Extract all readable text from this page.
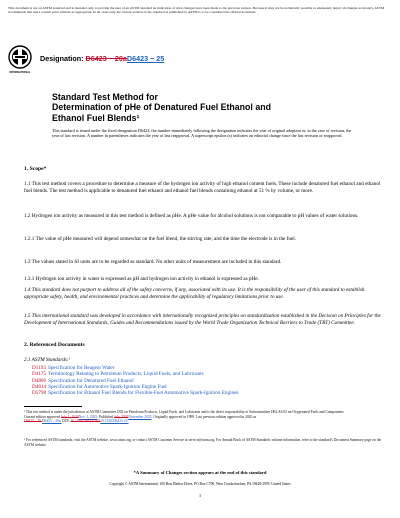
This document is not an ASTM standard and is intended only to provide the user of an ASTM standard an indication of what changes have been made to the previous version. Because it may not be technically possible to adequately depict all changes accurately, ASTM recommends that users consult prior editions as appropriate. In all cases only the current version of the standard as published by ASTM is to be considered the official document.
INTERNATIONAL
Designation: D6423 − 20aD6423 − 25
Standard Test Method for
Determination of pHe of Denatured Fuel Ethanol and
Ethanol Fuel Blends¹
This standard is issued under the fixed designation D6423; the number immediately following the designation indicates the year of original adoption or, in the case of revision, the year of last revision. A number in parentheses indicates the year of last reapproval. A superscript epsilon (ε) indicates an editorial change since the last revision or reapproval.
1. Scope*
1.1 This test method covers a procedure to determine a measure of the hydrogen ion activity of high ethanol content fuels. These include denatured fuel ethanol and ethanol fuel blends. The test method is applicable to denatured fuel ethanol and ethanol fuel blends containing ethanol at 51 % by volume, or more.
1.2 Hydrogen ion activity as measured in this test method is defined as pHe. A pHe value for alcohol solutions is not comparable to pH values of water solutions.
1.2.1 The value of pHe measured will depend somewhat on the fuel blend, the stirring rate, and the time the electrode is in the fuel.
1.3 The values stated in SI units are to be regarded as standard. No other units of measurement are included in this standard.
1.3.1 Hydrogen ion activity in water is expressed as pH and hydrogen ion activity in ethanol is expressed as pHe.
1.4 This standard does not purport to address all of the safety concerns, if any, associated with its use. It is the responsibility of the user of this standard to establish appropriate safety, health, and environmental practices and determine the applicability of regulatory limitations prior to use.
1.5 This international standard was developed in accordance with internationally recognized principles on standardization established in the Decision on Principles for the Development of International Standards, Guides and Recommendations issued by the World Trade Organization Technical Barriers to Trade (TBT) Committee.
2. Referenced Documents
2.1 ASTM Standards:²
D1193 Specification for Reagent Water
D4175 Terminology Relating to Petroleum Products, Liquid Fuels, and Lubricants
D4806 Specification for Denatured Fuel Ethanol
D4814 Specification for Automotive Spark-Ignition Engine Fuel
D5798 Specification for Ethanol Fuel Blends for Flexible-Fuel Automotive Spark-Ignition Engines
¹ This test method is under the jurisdiction of ASTM Committee D02 on Petroleum Products, Liquid Fuels, and Lubricants and is the direct responsibility of Subcommittee D02.A0.02 on Oxygenated Fuels and Components.
Current edition approved July 1, 2020Nov. 1, 2025. Published July 2020November 2025. Originally approved in 1999. Last previous edition approved in 2020 as
D6423 – 20.D6423 – 20a. DOI: 10.1520/D6423-20A10.1520/D6423-25.
² For referenced ASTM standards, visit the ASTM website, www.astm.org, or contact ASTM Customer Service at service@astm.org. For Annual Book of ASTM Standards volume information, refer to the standard's Document Summary page on the ASTM website.
*A Summary of Changes section appears at the end of this standard
Copyright © ASTM International, 100 Barr Harbor Drive, PO Box C700, West Conshohocken, PA 19428-2959. United States
1
